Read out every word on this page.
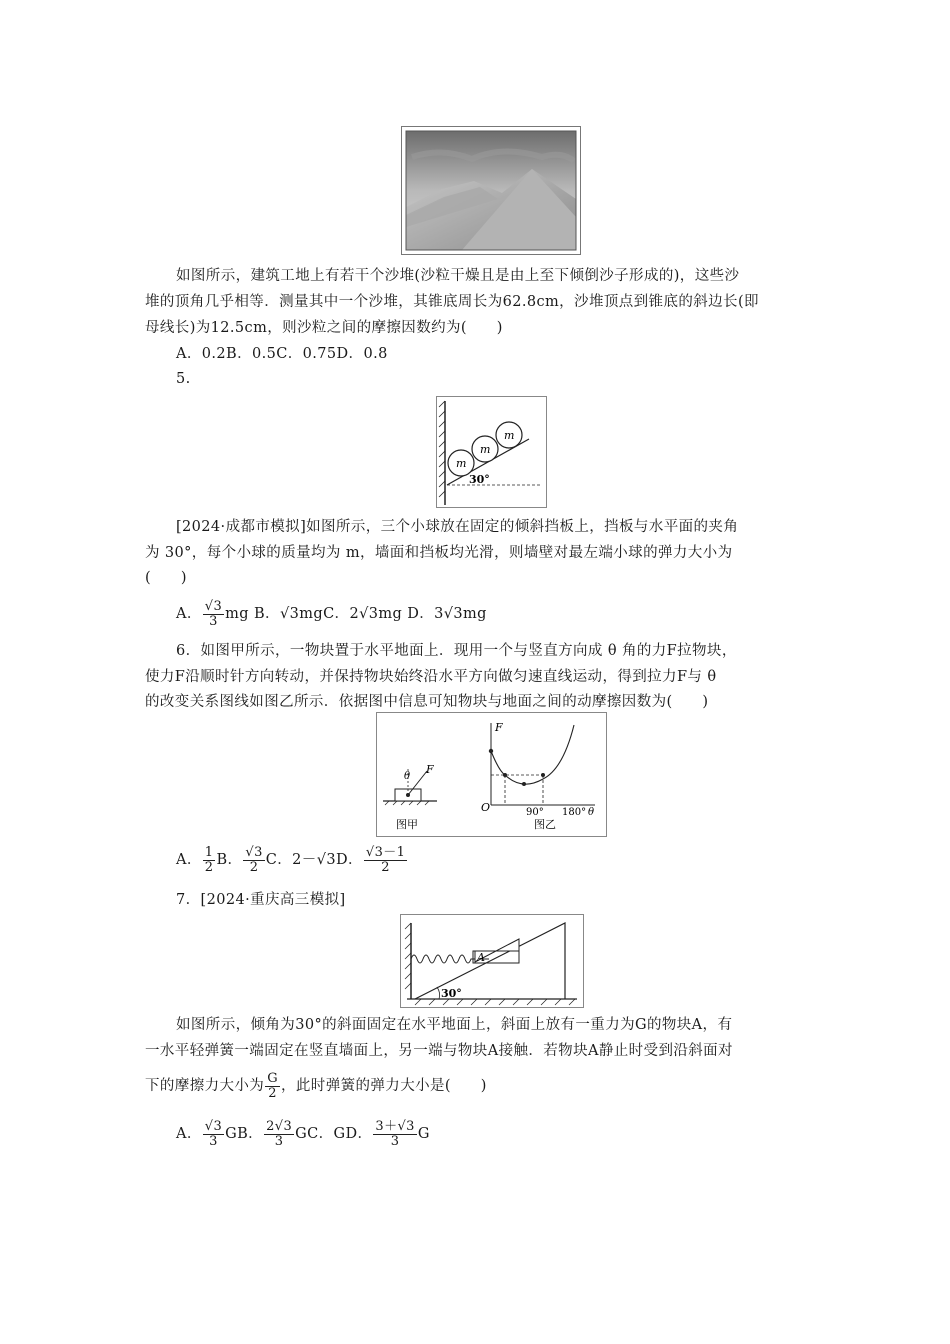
如图所示，建筑工地上有若干个沙堆(沙粒干燥且是由上至下倾倒沙子形成的)，这些沙
堆的顶角几乎相等．测量其中一个沙堆，其锥底周长为62.8cm，沙堆顶点到锥底的斜边长(即
母线长)为12.5cm，则沙粒之间的摩擦因数约为(　　)
A．0.2B．0.5C．0.75D．0.8
5.
m
m
m
30°
[2024·成都市模拟]如图所示，三个小球放在固定的倾斜挡板上，挡板与水平面的夹角
为 30°，每个小球的质量均为 m，墙面和挡板均光滑，则墙壁对最左端小球的弹力大小为
(　　)
A． $\frac{√3}{3}$ mg B．√3mgC．2√3mg D．3√3mg
6．如图甲所示，一物块置于水平地面上．现用一个与竖直方向成 θ 角的力F拉物块，
使力F沿顺时针方向转动，并保持物块始终沿水平方向做匀速直线运动，得到拉力F与 θ
的改变关系图线如图乙所示．依据图中信息可知物块与地面之间的动摩擦因数为(　　)
θ
F
图甲
F
O	90° 180° θ
图乙
A． $\frac{1}{2}$ B． $\frac{√3}{2}$ C．2－√3D． $\frac{√3-1}{2}$
7．[2024·重庆高三模拟]
A
30°
如图所示，倾角为30°的斜面固定在水平地面上，斜面上放有一重力为G的物块A，有
一水平轻弹簧一端固定在竖直墙面上，另一端与物块A接触．若物块A静止时受到沿斜面对
下的摩擦力大小为 $\frac{G}{2}$ ，此时弹簧的弹力大小是(　　)
A． $\frac{√3}{3}$ GB． $\frac{2√3}{3}$ GC．GD． $\frac{3+√3}{3}$ G
